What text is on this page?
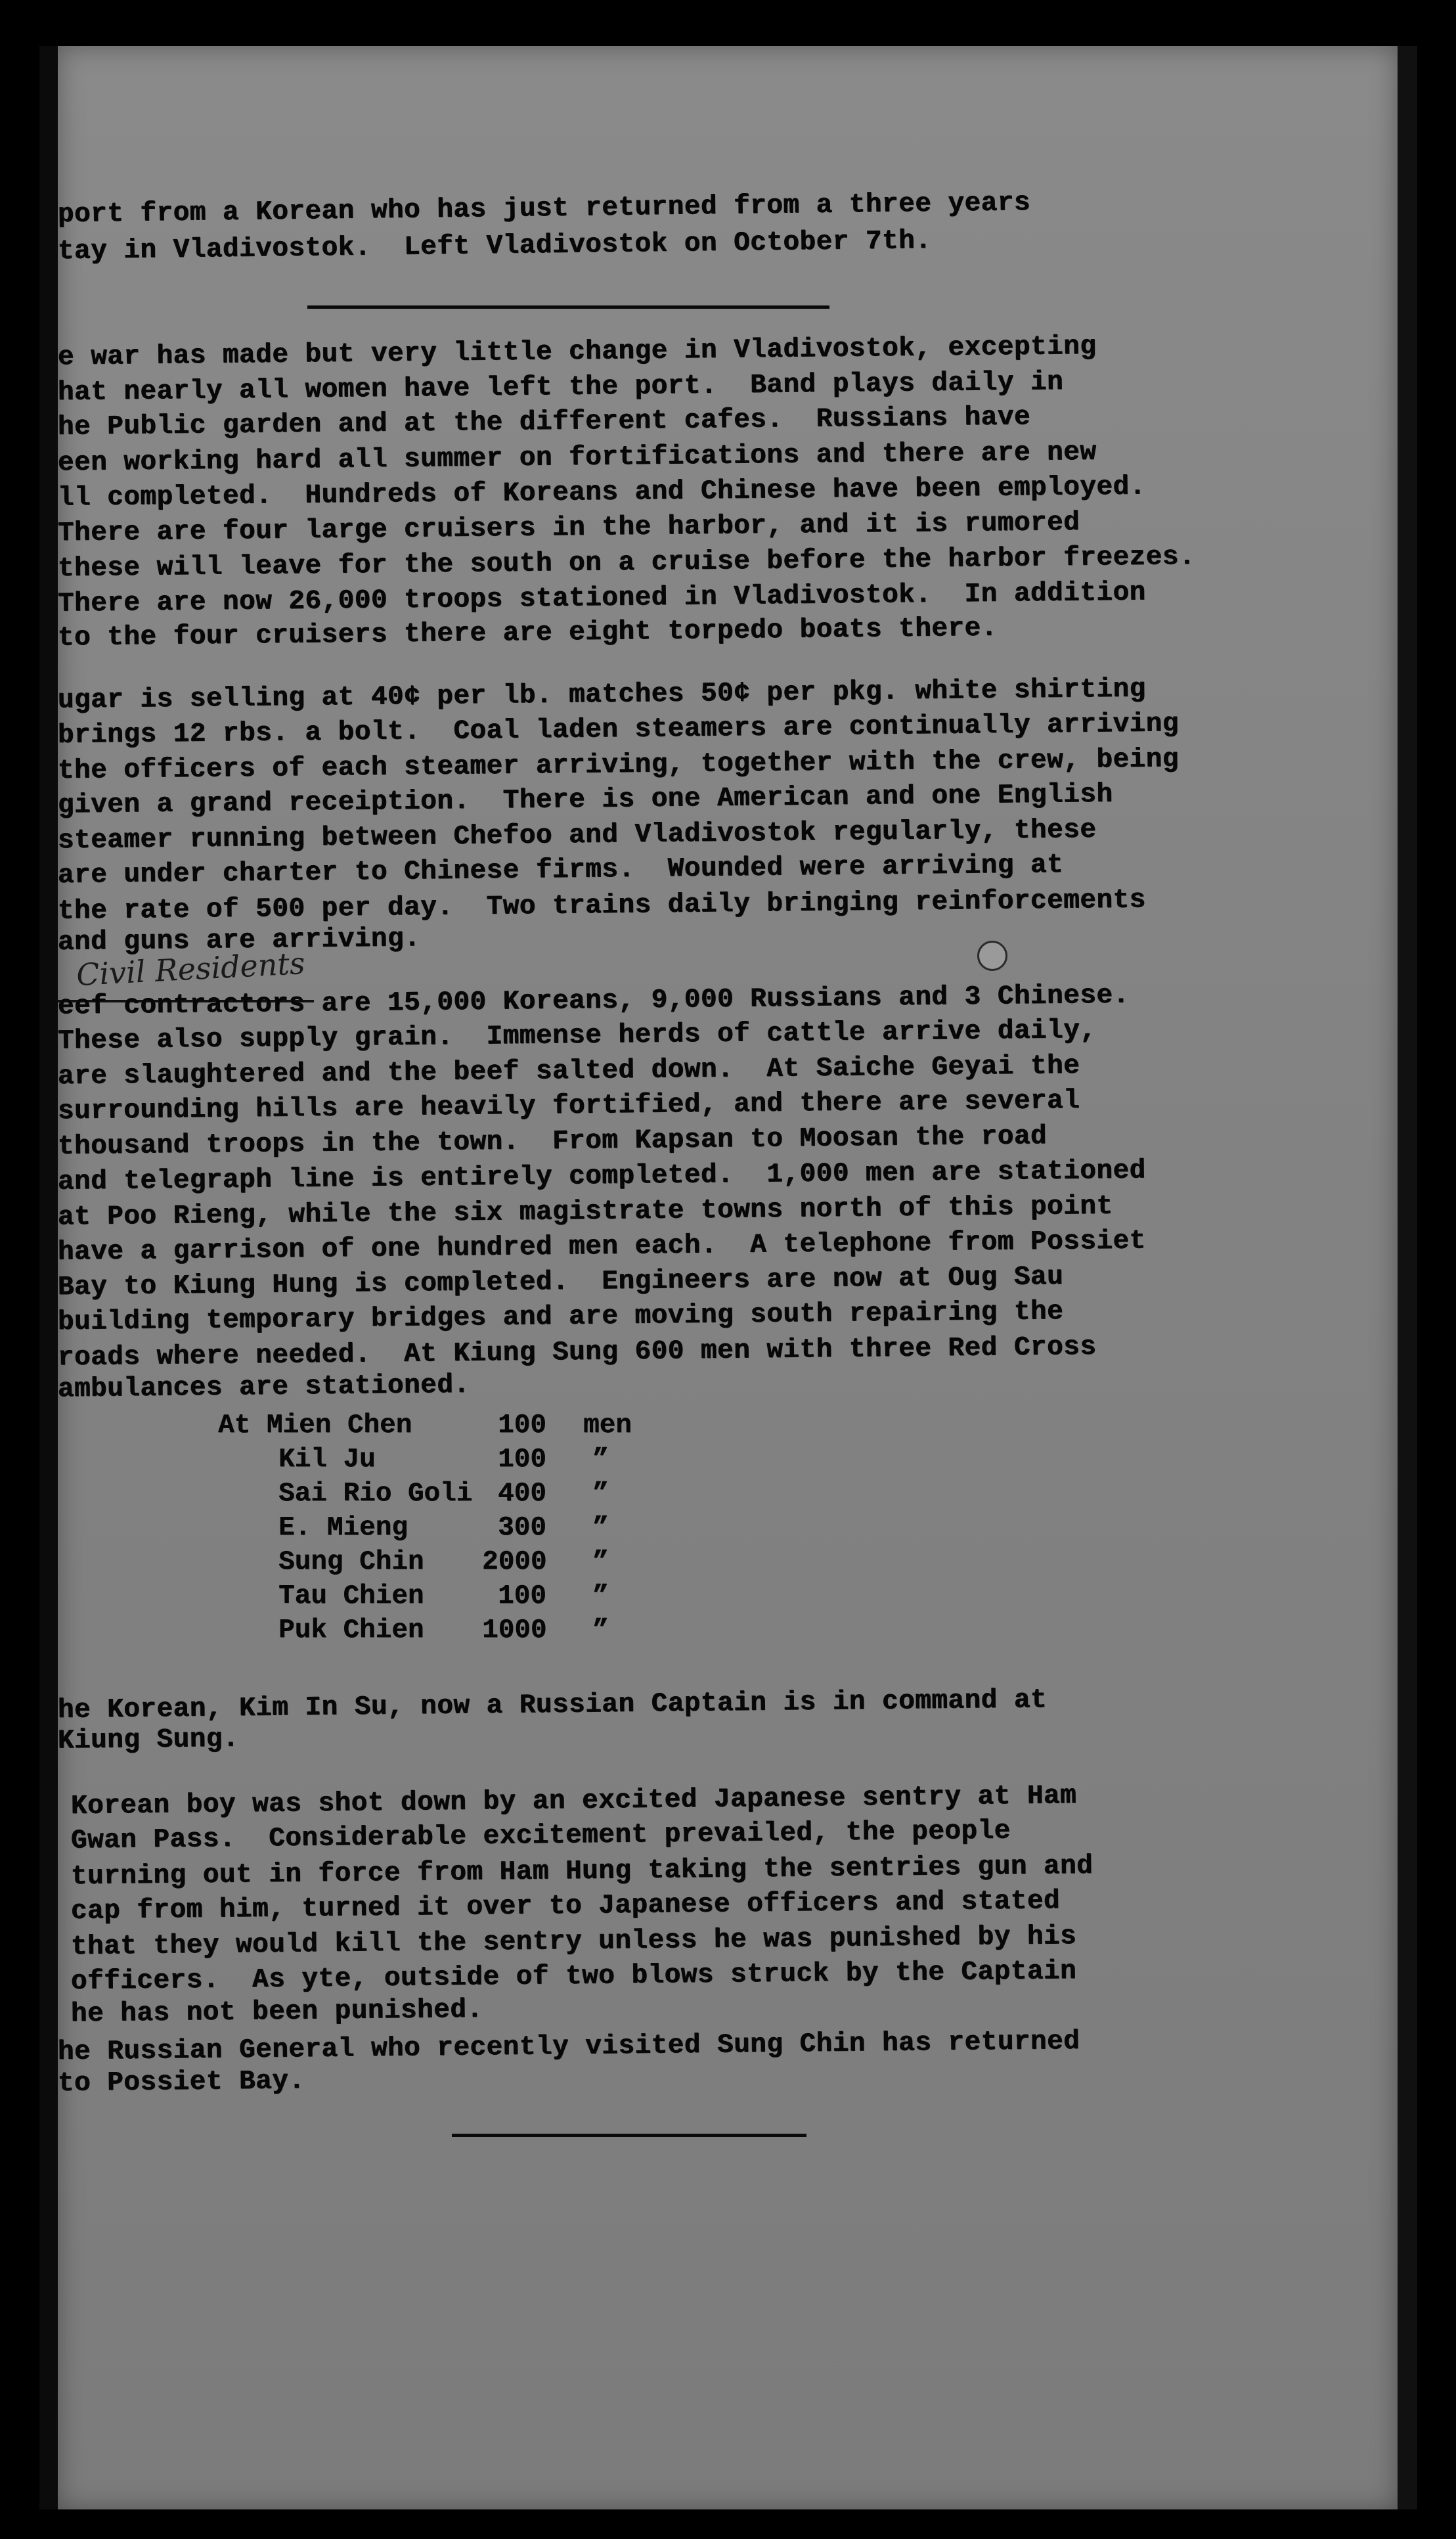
port from a Korean who has just returned from a three years
tay in Vladivostok.  Left Vladivostok on October 7th.
e war has made but very little change in Vladivostok, excepting
hat nearly all women have left the port.  Band plays daily in
he Public garden and at the different cafes.  Russians have
een working hard all summer on fortifications and there are new
ll completed.  Hundreds of Koreans and Chinese have been employed.
There are four large cruisers in the harbor, and it is rumored
these will leave for the south on a cruise before the harbor freezes.
There are now 26,000 troops stationed in Vladivostok.  In addition
to the four cruisers there are eight torpedo boats there.
ugar is selling at 40¢ per lb. matches 50¢ per pkg. white shirting
brings 12 rbs. a bolt.  Coal laden steamers are continually arriving
the officers of each steamer arriving, together with the crew, being
given a grand receiption.  There is one American and one English
steamer running between Chefoo and Vladivostok regularly, these
are under charter to Chinese firms.  Wounded were arriving at
the rate of 500 per day.  Two trains daily bringing reinforcements
and guns are arriving.
Civil Residents
eef contractors are 15,000 Koreans, 9,000 Russians and 3 Chinese.
These also supply grain.  Immense herds of cattle arrive daily,
are slaughtered and the beef salted down.  At Saiche Geyai the
surrounding hills are heavily fortified, and there are several
thousand troops in the town.  From Kapsan to Moosan the road
and telegraph line is entirely completed.  1,000 men are stationed
at Poo Rieng, while the six magistrate towns north of this point
have a garrison of one hundred men each.  A telephone from Possiet
Bay to Kiung Hung is completed.  Engineers are now at Oug Sau
building temporary bridges and are moving south repairing the
roads where needed.  At Kiung Sung 600 men with three Red Cross
ambulances are stationed.
At Mien Chen	100 men
Kil Ju	100 ”
Sai Rio Goli 400 ”
E. Mieng	300 ”
Sung Chin 2000 ”
Tau Chien	100 ”
Puk Chien 1000 ”
he Korean, Kim In Su, now a Russian Captain is in command at
Kiung Sung.
Korean boy was shot down by an excited Japanese sentry at Ham
Gwan Pass.  Considerable excitement prevailed, the people
turning out in force from Ham Hung taking the sentries gun and
cap from him, turned it over to Japanese officers and stated
that they would kill the sentry unless he was punished by his
officers.  As yte, outside of two blows struck by the Captain
he has not been punished.
he Russian General who recently visited Sung Chin has returned
to Possiet Bay.
